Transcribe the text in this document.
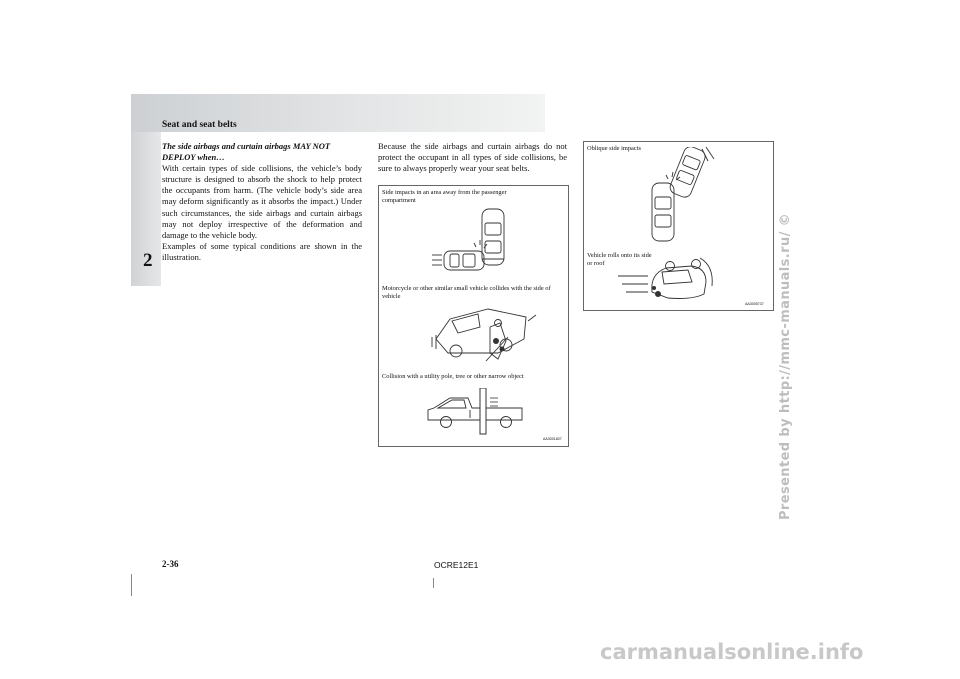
Seat and seat belts
2
The side airbags and curtain airbags MAY NOT
DEPLOY when…
With certain types of side collisions, the vehicle’s body structure is designed to absorb the shock to help protect the occupants from harm. (The vehicle body’s side area may deform significantly as it absorbs the impact.) Under such circumstances, the side airbags and curtain airbags may not deploy irrespective of the deformation and damage to the vehicle body.
Examples of some typical conditions are shown in the illustration.
Because the side airbags and curtain airbags do not protect the occupant in all types of side collisions, be sure to always properly wear your seat belts.
Side impacts in an area away from the passenger compartment
Motorcycle or other similar small vehicle collides with the side of vehicle
Collision with a utility pole, tree or other narrow object
AA3001807
Oblique side impacts
Vehicle rolls onto its side
or roof
AA3005737
2-36	OCRE12E1
Presented by http://mmc-manuals.ru/ ©
carmanualsonline.info
